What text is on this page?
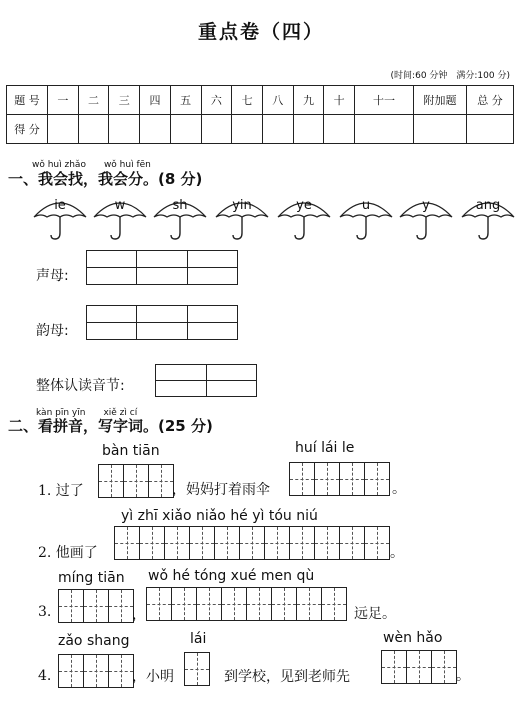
重点卷（四）
(时间:60 分钟　满分:100 分)
题 号	一	二	三	四	五	六	七	八	九	十	十一	附加题	总 分
得 分													
wǒ huì zhǎo　　wǒ huì fēn
一、我会找，我会分。(8 分)
ie	w	sh	yin	ye	u	y	ang
声母:
韵母:
整体认读音节:
kàn pīn yīn　　xiě zì cí
二、看拼音，写字词。(25 分)
bàn tiān
1. 过了	，妈妈打着雨伞
huí lái le
。
yì zhī xiǎo niǎo hé yì tóu niú
2. 他画了	。
míng tiān
3.	，
wǒ hé tóng xué men qù
远足。
zǎo shang
4.	，小明
lái
到学校，见到老师先
wèn hǎo
。
